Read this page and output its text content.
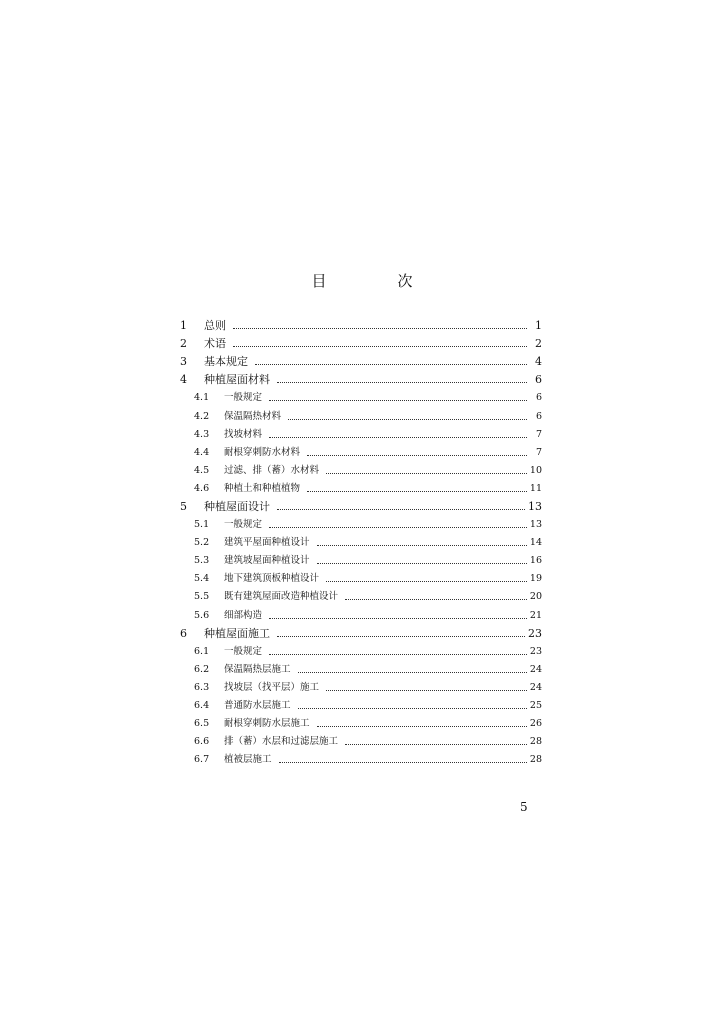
目　次
1	总则	1
2	术语	2
3	基本规定	4
4	种植屋面材料	6
4.1	一般规定	6
4.2	保温隔热材料	6
4.3	找坡材料	7
4.4	耐根穿刺防水材料	7
4.5	过滤、排（蓄）水材料	10
4.6	种植土和种植植物	11
5	种植屋面设计	13
5.1	一般规定	13
5.2	建筑平屋面种植设计	14
5.3	建筑坡屋面种植设计	16
5.4	地下建筑顶板种植设计	19
5.5	既有建筑屋面改造种植设计	20
5.6	细部构造	21
6	种植屋面施工	23
6.1	一般规定	23
6.2	保温隔热层施工	24
6.3	找坡层（找平层）施工	24
6.4	普通防水层施工	25
6.5	耐根穿刺防水层施工	26
6.6	排（蓄）水层和过滤层施工	28
6.7	植被层施工	28
5
